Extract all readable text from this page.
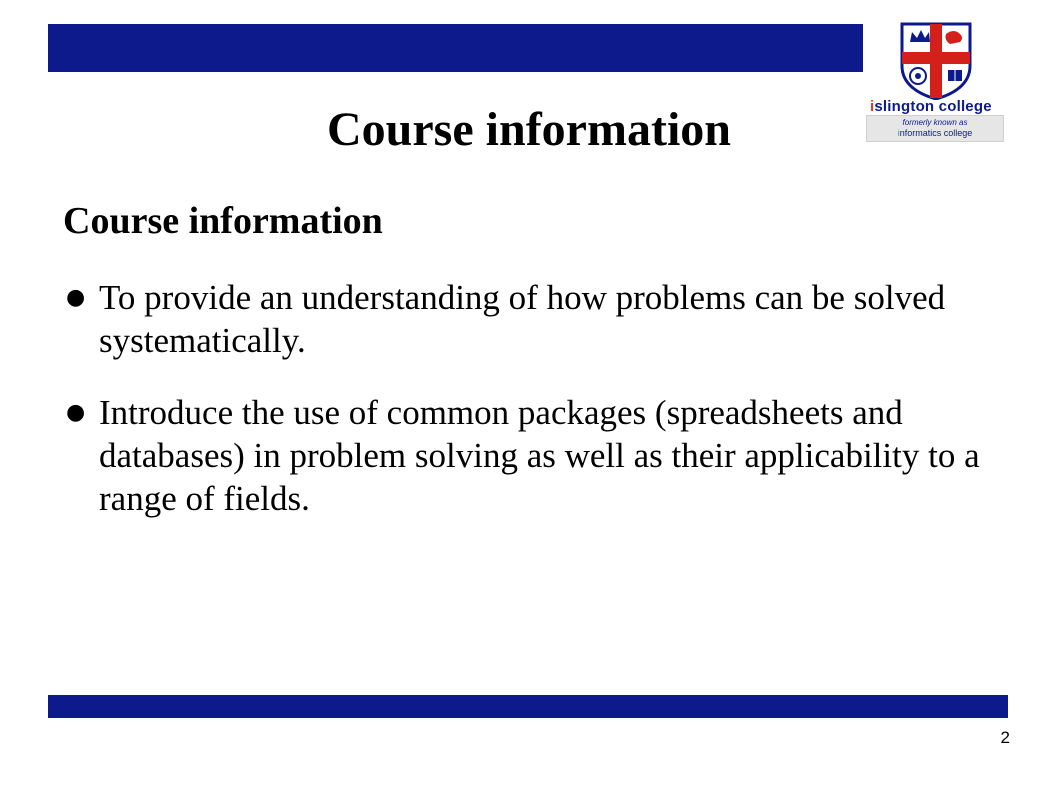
islington college
formerly known as
informatics college
Course information
Course information
● To provide an understanding of how problems can be solved systematically.
● Introduce the use of common packages (spreadsheets and databases) in problem solving as well as their applicability to a range of fields.
2
